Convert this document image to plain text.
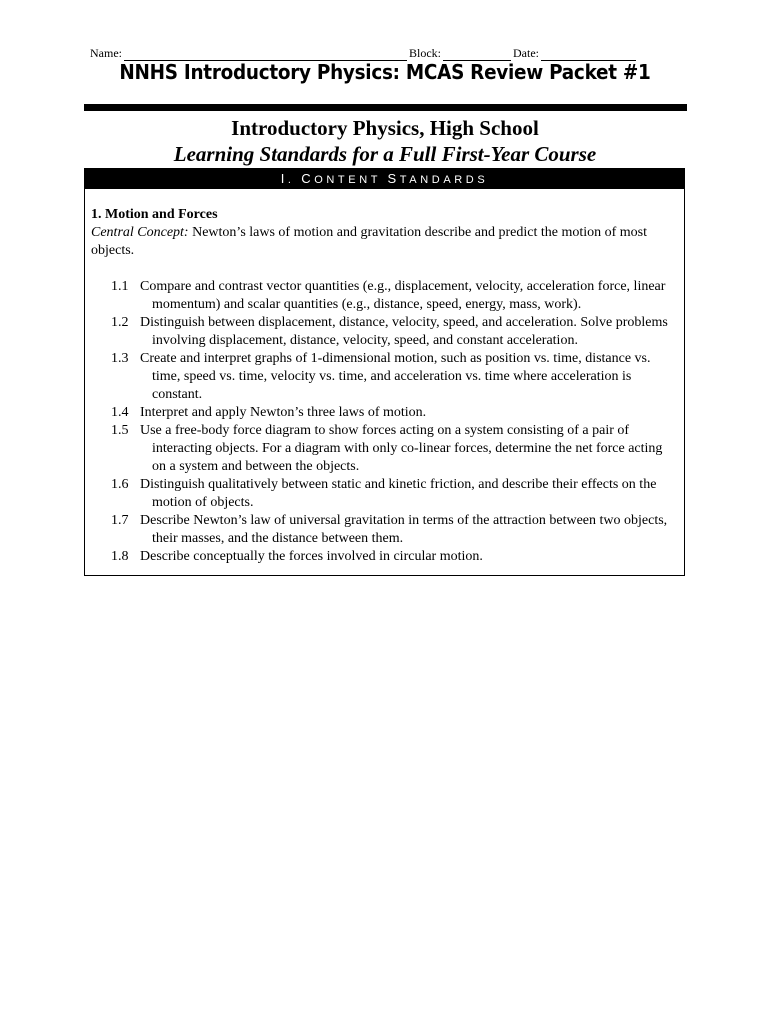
Name:	Block:	Date:
NNHS Introductory Physics: MCAS Review Packet #1
Introductory Physics, High School
Learning Standards for a Full First-Year Course
I. CONTENT STANDARDS
1. Motion and Forces
Central Concept: Newton’s laws of motion and gravitation describe and predict the motion of most objects.
1.1 Compare and contrast vector quantities (e.g., displacement, velocity, acceleration force, linear momentum) and scalar quantities (e.g., distance, speed, energy, mass, work).
1.2 Distinguish between displacement, distance, velocity, speed, and acceleration. Solve problems involving displacement, distance, velocity, speed, and constant acceleration.
1.3 Create and interpret graphs of 1-dimensional motion, such as position vs. time, distance vs. time, speed vs. time, velocity vs. time, and acceleration vs. time where acceleration is constant.
1.4 Interpret and apply Newton’s three laws of motion.
1.5 Use a free-body force diagram to show forces acting on a system consisting of a pair of interacting objects. For a diagram with only co-linear forces, determine the net force acting on a system and between the objects.
1.6 Distinguish qualitatively between static and kinetic friction, and describe their effects on the motion of objects.
1.7 Describe Newton’s law of universal gravitation in terms of the attraction between two objects, their masses, and the distance between them.
1.8 Describe conceptually the forces involved in circular motion.
